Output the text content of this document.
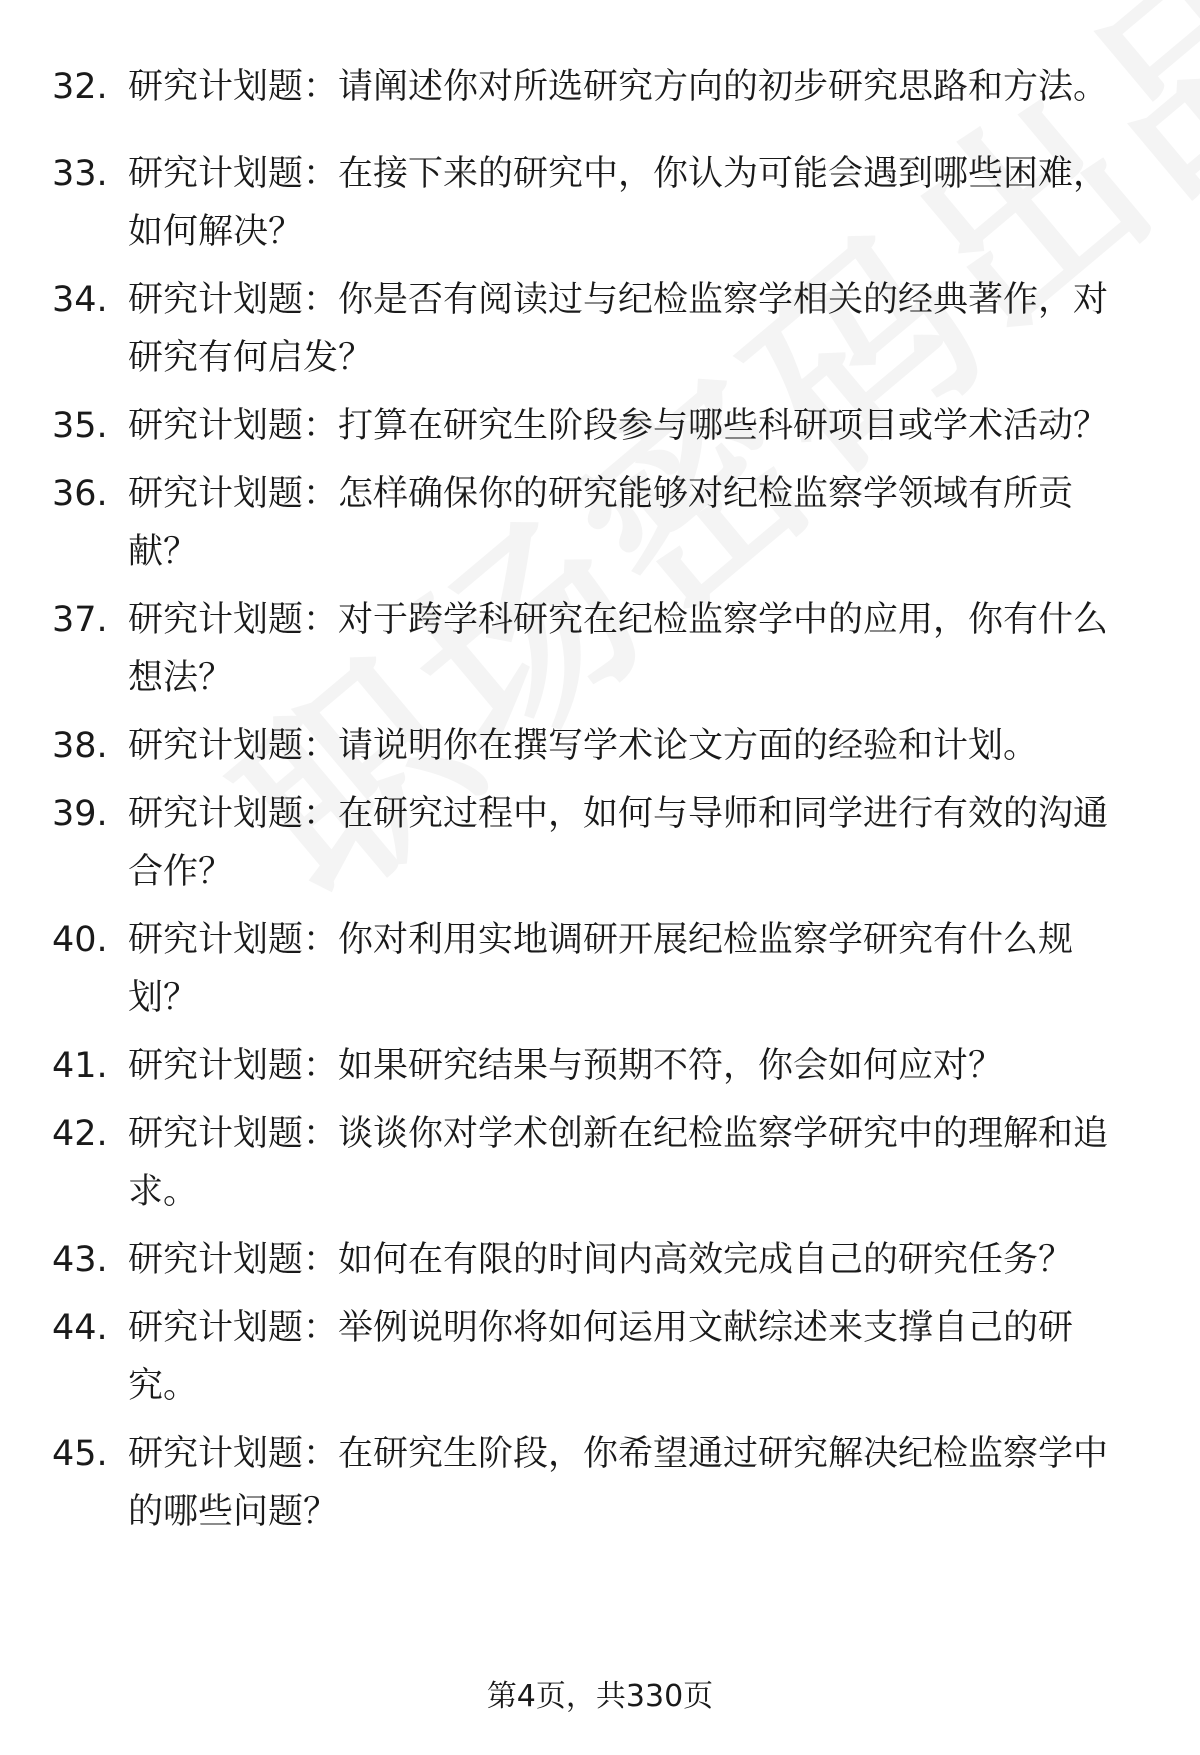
32. 研究计划题：请阐述你对所选研究方向的初步研究思路和方法。
33. 研究计划题：在接下来的研究中，你认为可能会遇到哪些困难，如何解决？
34. 研究计划题：你是否有阅读过与纪检监察学相关的经典著作，对研究有何启发？
35. 研究计划题：打算在研究生阶段参与哪些科研项目或学术活动？
36. 研究计划题：怎样确保你的研究能够对纪检监察学领域有所贡献？
37. 研究计划题：对于跨学科研究在纪检监察学中的应用，你有什么想法？
38. 研究计划题：请说明你在撰写学术论文方面的经验和计划。
39. 研究计划题：在研究过程中，如何与导师和同学进行有效的沟通合作？
40. 研究计划题：你对利用实地调研开展纪检监察学研究有什么规划？
41. 研究计划题：如果研究结果与预期不符，你会如何应对？
42. 研究计划题：谈谈你对学术创新在纪检监察学研究中的理解和追求。
43. 研究计划题：如何在有限的时间内高效完成自己的研究任务？
44. 研究计划题：举例说明你将如何运用文献综述来支撑自己的研究。
45. 研究计划题：在研究生阶段，你希望通过研究解决纪检监察学中的哪些问题？
第4页，共330页
